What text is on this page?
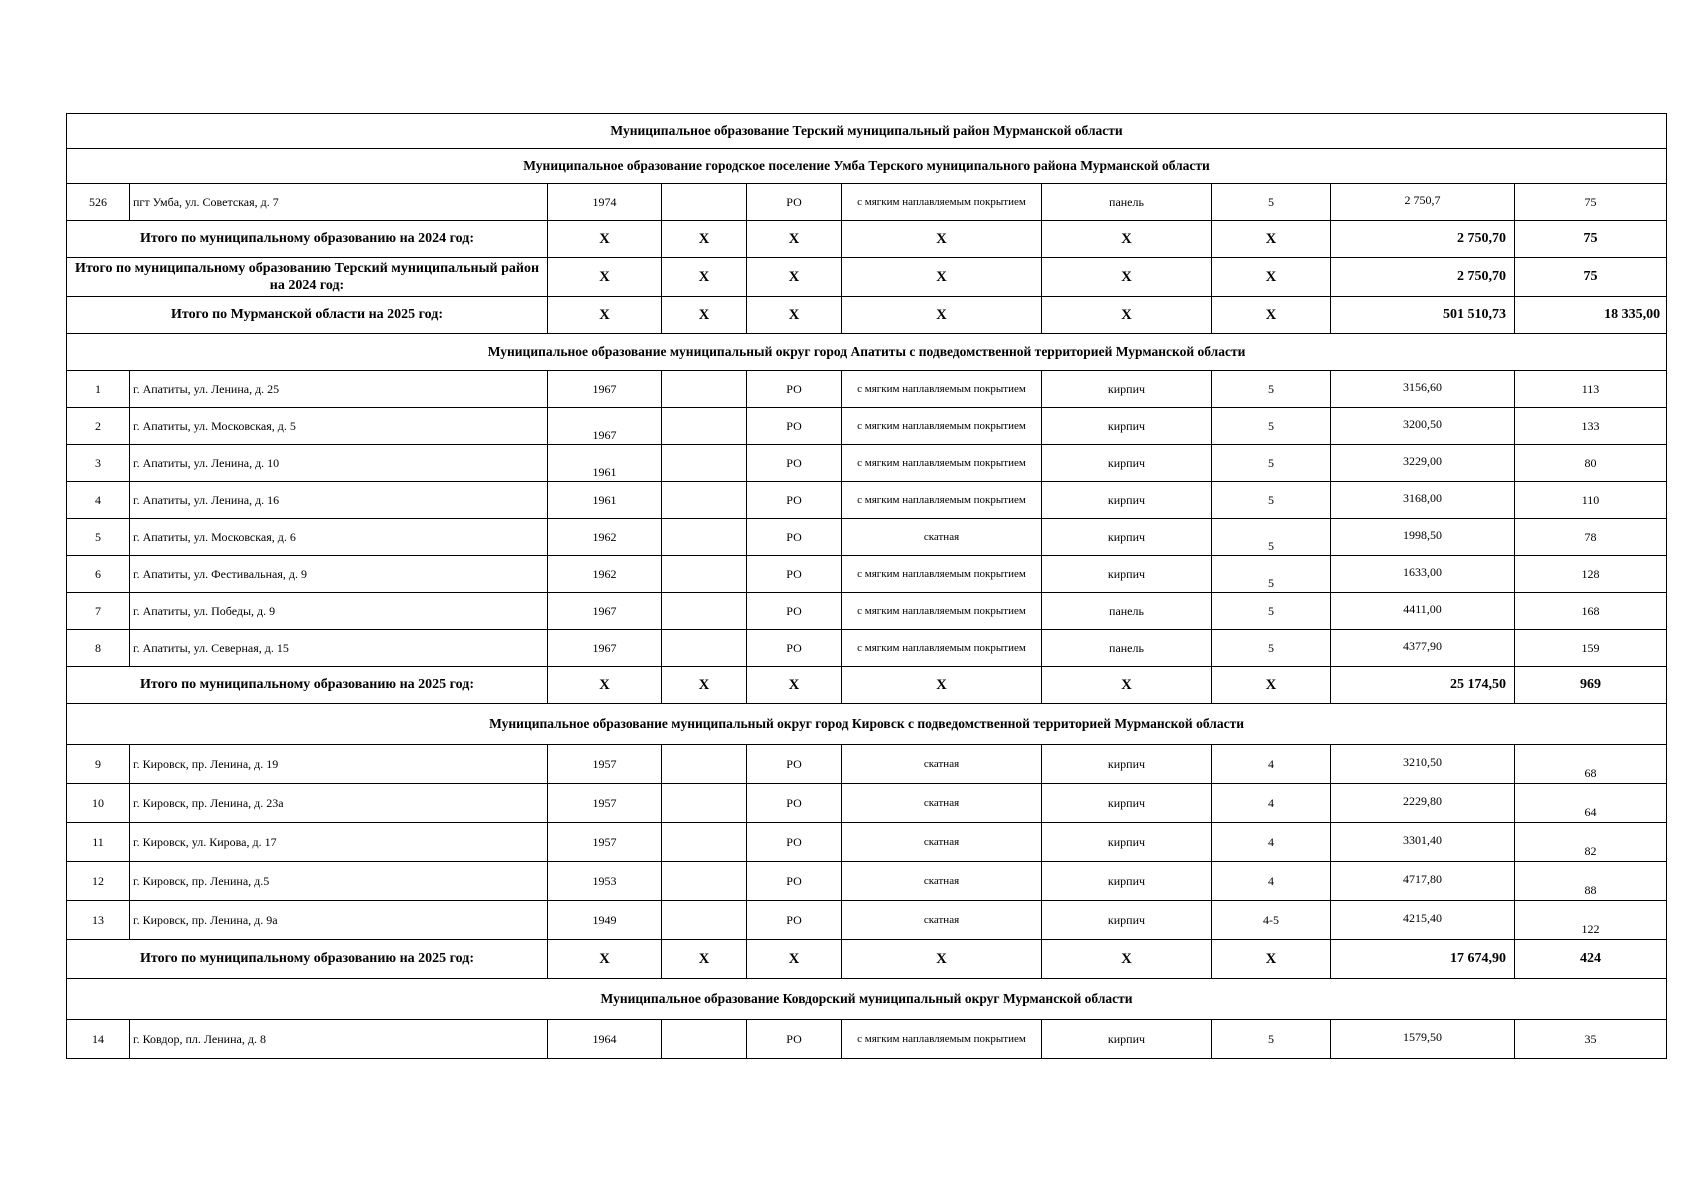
Муниципальное образование Терский муниципальный район Мурманской области									
Муниципальное образование городское поселение Умба Терского муниципального района Мурманской области									
526	пгт Умба, ул. Советская, д. 7	1974		РО	с мягким наплавляемым покрытием	панель	5	2 750,7	75
Итого по муниципальному образованию на 2024 год:		X	X	X	X	X	X	2 750,70	75
Итого по муниципальному образованию Терский муниципальный район на 2024 год:		X	X	X	X	X	X	2 750,70	75
Итого по Мурманской области на 2025 год:		X	X	X	X	X	X	501 510,73	18 335,00
Муниципальное образование муниципальный округ город Апатиты с подведомственной территорией Мурманской области									
1	г. Апатиты, ул. Ленина, д. 25	1967		РО	с мягким наплавляемым покрытием	кирпич	5	3156,60	113
2	г. Апатиты, ул. Московская, д. 5	1967		РО	с мягким наплавляемым покрытием	кирпич	5	3200,50	133
3	г. Апатиты, ул. Ленина, д. 10	1961		РО	с мягким наплавляемым покрытием	кирпич	5	3229,00	80
4	г. Апатиты, ул. Ленина, д. 16	1961		РО	с мягким наплавляемым покрытием	кирпич	5	3168,00	110
5	г. Апатиты, ул. Московская, д. 6	1962		РО	скатная	кирпич	5	1998,50	78
6	г. Апатиты, ул. Фестивальная, д. 9	1962		РО	с мягким наплавляемым покрытием	кирпич	5	1633,00	128
7	г. Апатиты, ул. Победы, д. 9	1967		РО	с мягким наплавляемым покрытием	панель	5	4411,00	168
8	г. Апатиты, ул. Северная, д. 15	1967		РО	с мягким наплавляемым покрытием	панель	5	4377,90	159
Итого по муниципальному образованию на 2025 год:		X	X	X	X	X	X	25 174,50	969
Муниципальное образование муниципальный округ город Кировск с подведомственной территорией Мурманской области									
9	г. Кировск, пр. Ленина, д. 19	1957		РО	скатная	кирпич	4	3210,50	68
10	г. Кировск, пр. Ленина, д. 23а	1957		РО	скатная	кирпич	4	2229,80	64
11	г. Кировск, ул. Кирова, д. 17	1957		РО	скатная	кирпич	4	3301,40	82
12	г. Кировск, пр. Ленина, д.5	1953		РО	скатная	кирпич	4	4717,80	88
13	г. Кировск, пр. Ленина, д. 9а	1949		РО	скатная	кирпич	4-5	4215,40	122
Итого по муниципальному образованию на 2025 год:		X	X	X	X	X	X	17 674,90	424
Муниципальное образование Ковдорский муниципальный округ Мурманской области									
14	г. Ковдор, пл. Ленина, д. 8	1964		РО	с мягким наплавляемым покрытием	кирпич	5	1579,50	35
